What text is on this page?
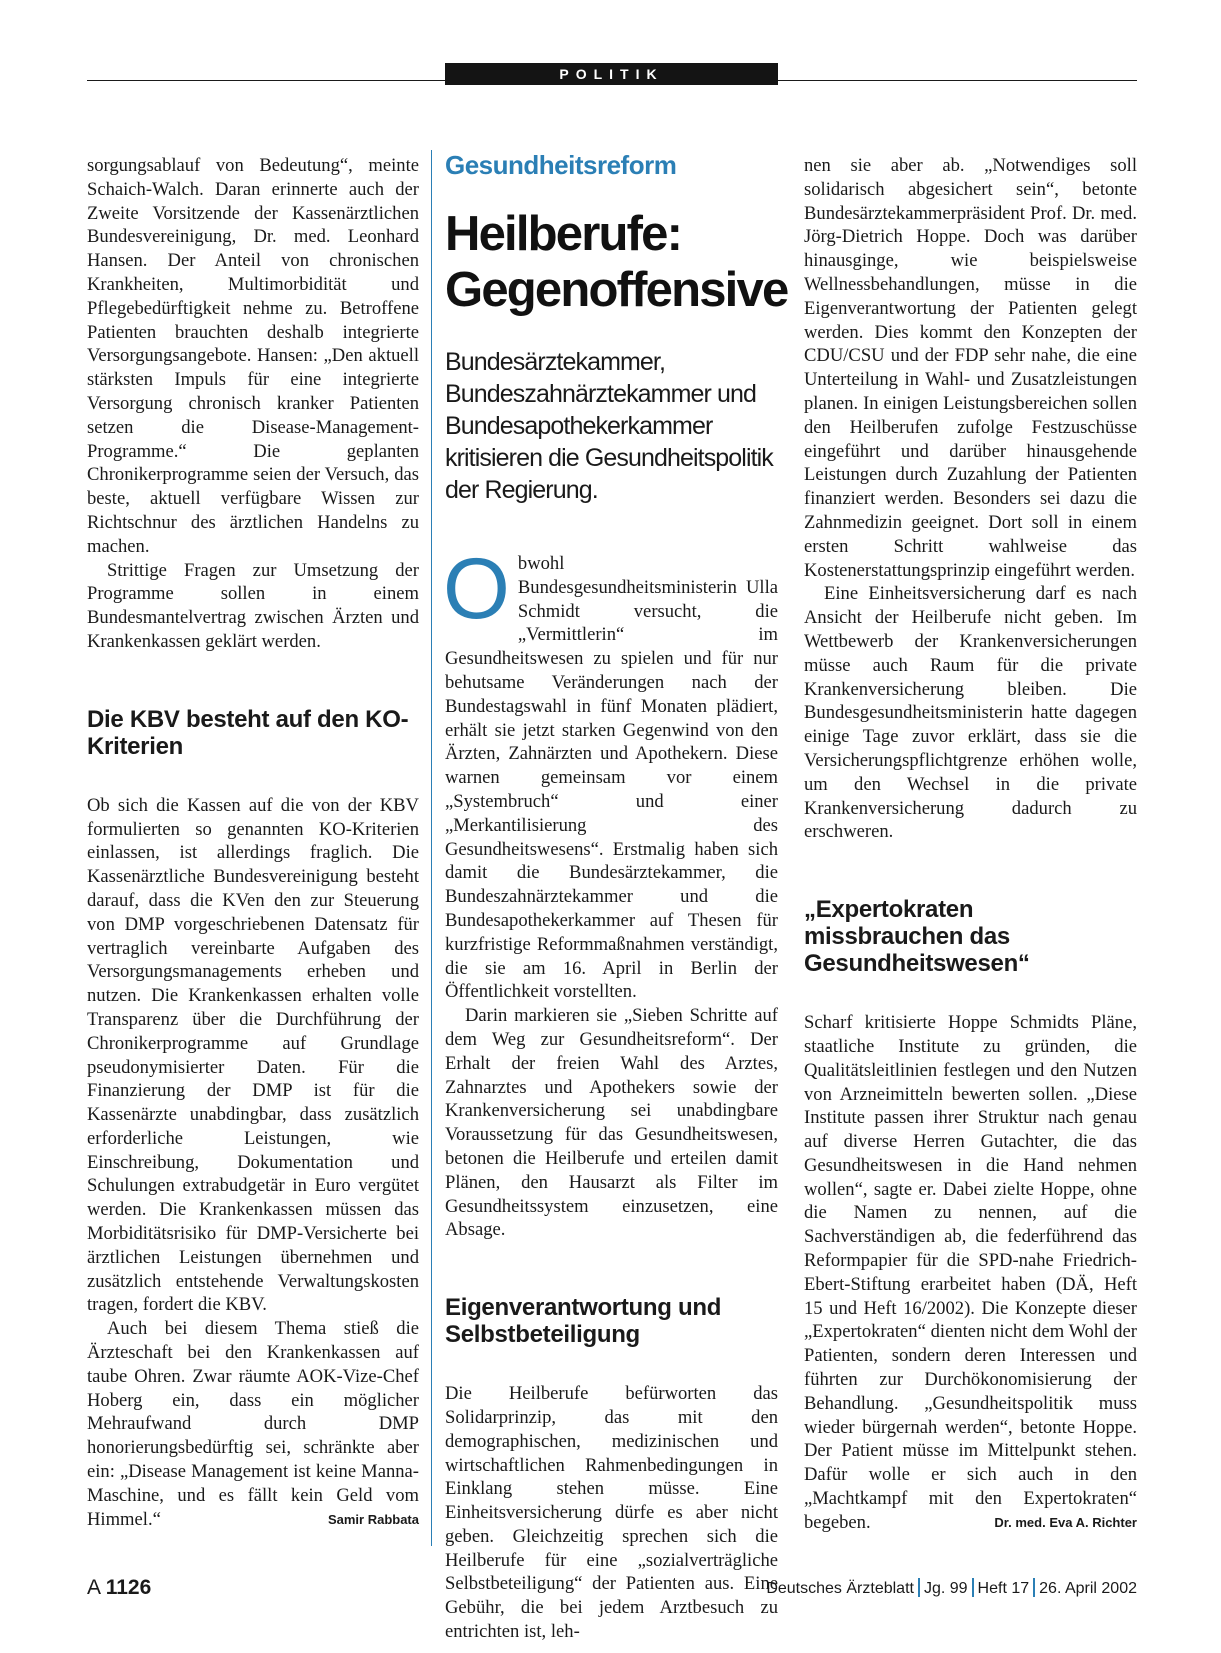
POLITIK

sorgungsablauf von Bedeutung“, meinte Schaich-Walch. Daran erinnerte auch der Zweite Vorsitzende der Kassenärztlichen Bundesvereinigung, Dr. med. Leonhard Hansen. Der Anteil von chronischen Krankheiten, Multimorbidität und Pflegebedürftigkeit nehme zu. Betroffene Patienten brauchten deshalb integrierte Versorgungsangebote. Hansen: „Den aktuell stärksten Impuls für eine integrierte Versorgung chronisch kranker Patienten setzen die Disease-Management-Programme.“ Die geplanten Chronikerprogramme seien der Versuch, das beste, aktuell verfügbare Wissen zur Richtschnur des ärztlichen Handelns zu machen.

Strittige Fragen zur Umsetzung der Programme sollen in einem Bundesmantelvertrag zwischen Ärzten und Krankenkassen geklärt werden.

Die KBV besteht auf den KO-Kriterien

Ob sich die Kassen auf die von der KBV formulierten so genannten KO-Kriterien einlassen, ist allerdings fraglich. Die Kassenärztliche Bundesvereinigung besteht darauf, dass die KVen den zur Steuerung von DMP vorgeschriebenen Datensatz für vertraglich vereinbarte Aufgaben des Versorgungsmanagements erheben und nutzen. Die Krankenkassen erhalten volle Transparenz über die Durchführung der Chronikerprogramme auf Grundlage pseudonymisierter Daten. Für die Finanzierung der DMP ist für die Kassenärzte unabdingbar, dass zusätzlich erforderliche Leistungen, wie Einschreibung, Dokumentation und Schulungen extrabudgetär in Euro vergütet werden. Die Krankenkassen müssen das Morbiditätsrisiko für DMP-Versicherte bei ärztlichen Leistungen übernehmen und zusätzlich entstehende Verwaltungskosten tragen, fordert die KBV.

Auch bei diesem Thema stieß die Ärzteschaft bei den Krankenkassen auf taube Ohren. Zwar räumte AOK-Vize-Chef Hoberg ein, dass ein möglicher Mehraufwand durch DMP honorierungsbedürftig sei, schränkte aber ein: „Disease Management ist keine Manna-Maschine, und es fällt kein Geld vom Himmel.“	Samir Rabbata

Gesundheitsreform
Heilberufe: Gegenoffensive
Bundesärztekammer, Bundeszahnärztekammer und Bundesapothekerkammer kritisieren die Gesundheitspolitik der Regierung.

Obwohl Bundesgesundheitsministerin Ulla Schmidt versucht, die „Vermittlerin“ im Gesundheitswesen zu spielen und für nur behutsame Veränderungen nach der Bundestagswahl in fünf Monaten plädiert, erhält sie jetzt starken Gegenwind von den Ärzten, Zahnärzten und Apothekern. Diese warnen gemeinsam vor einem „Systembruch“ und einer „Merkantilisierung des Gesundheitswesens“. Erstmalig haben sich damit die Bundesärztekammer, die Bundeszahnärztekammer und die Bundesapothekerkammer auf Thesen für kurzfristige Reformmaßnahmen verständigt, die sie am 16. April in Berlin der Öffentlichkeit vorstellten.

Darin markieren sie „Sieben Schritte auf dem Weg zur Gesundheitsreform“. Der Erhalt der freien Wahl des Arztes, Zahnarztes und Apothekers sowie der Krankenversicherung sei unabdingbare Voraussetzung für das Gesundheitswesen, betonen die Heilberufe und erteilen damit Plänen, den Hausarzt als Filter im Gesundheitssystem einzusetzen, eine Absage.

Eigenverantwortung und Selbstbeteiligung

Die Heilberufe befürworten das Solidarprinzip, das mit den demographischen, medizinischen und wirtschaftlichen Rahmenbedingungen in Einklang stehen müsse. Eine Einheitsversicherung dürfe es aber nicht geben. Gleichzeitig sprechen sich die Heilberufe für eine „sozialverträgliche Selbstbeteiligung“ der Patienten aus. Eine Gebühr, die bei jedem Arztbesuch zu entrichten ist, leh-

nen sie aber ab. „Notwendiges soll solidarisch abgesichert sein“, betonte Bundesärztekammerpräsident Prof. Dr. med. Jörg-Dietrich Hoppe. Doch was darüber hinausginge, wie beispielsweise Wellnessbehandlungen, müsse in die Eigenverantwortung der Patienten gelegt werden. Dies kommt den Konzepten der CDU/CSU und der FDP sehr nahe, die eine Unterteilung in Wahl- und Zusatzleistungen planen. In einigen Leistungsbereichen sollen den Heilberufen zufolge Festzuschüsse eingeführt und darüber hinausgehende Leistungen durch Zuzahlung der Patienten finanziert werden. Besonders sei dazu die Zahnmedizin geeignet. Dort soll in einem ersten Schritt wahlweise das Kostenerstattungsprinzip eingeführt werden.

Eine Einheitsversicherung darf es nach Ansicht der Heilberufe nicht geben. Im Wettbewerb der Krankenversicherungen müsse auch Raum für die private Krankenversicherung bleiben. Die Bundesgesundheitsministerin hatte dagegen einige Tage zuvor erklärt, dass sie die Versicherungspflichtgrenze erhöhen wolle, um den Wechsel in die private Krankenversicherung dadurch zu erschweren.

„Expertokraten missbrauchen das Gesundheitswesen“

Scharf kritisierte Hoppe Schmidts Pläne, staatliche Institute zu gründen, die Qualitätsleitlinien festlegen und den Nutzen von Arzneimitteln bewerten sollen. „Diese Institute passen ihrer Struktur nach genau auf diverse Herren Gutachter, die das Gesundheitswesen in die Hand nehmen wollen“, sagte er. Dabei zielte Hoppe, ohne die Namen zu nennen, auf die Sachverständigen ab, die federführend das Reformpapier für die SPD-nahe Friedrich-Ebert-Stiftung erarbeitet haben (DÄ, Heft 15 und Heft 16/2002). Die Konzepte dieser „Expertokraten“ dienten nicht dem Wohl der Patienten, sondern deren Interessen und führten zur Durchökonomisierung der Behandlung. „Gesundheitspolitik muss wieder bürgernah werden“, betonte Hoppe. Der Patient müsse im Mittelpunkt stehen. Dafür wolle er sich auch in den „Machtkampf mit den Expertokraten“ begeben.	Dr. med. Eva A. Richter

A 1126	Deutsches Ärzteblatt Jg. 99 Heft 17 26. April 2002
